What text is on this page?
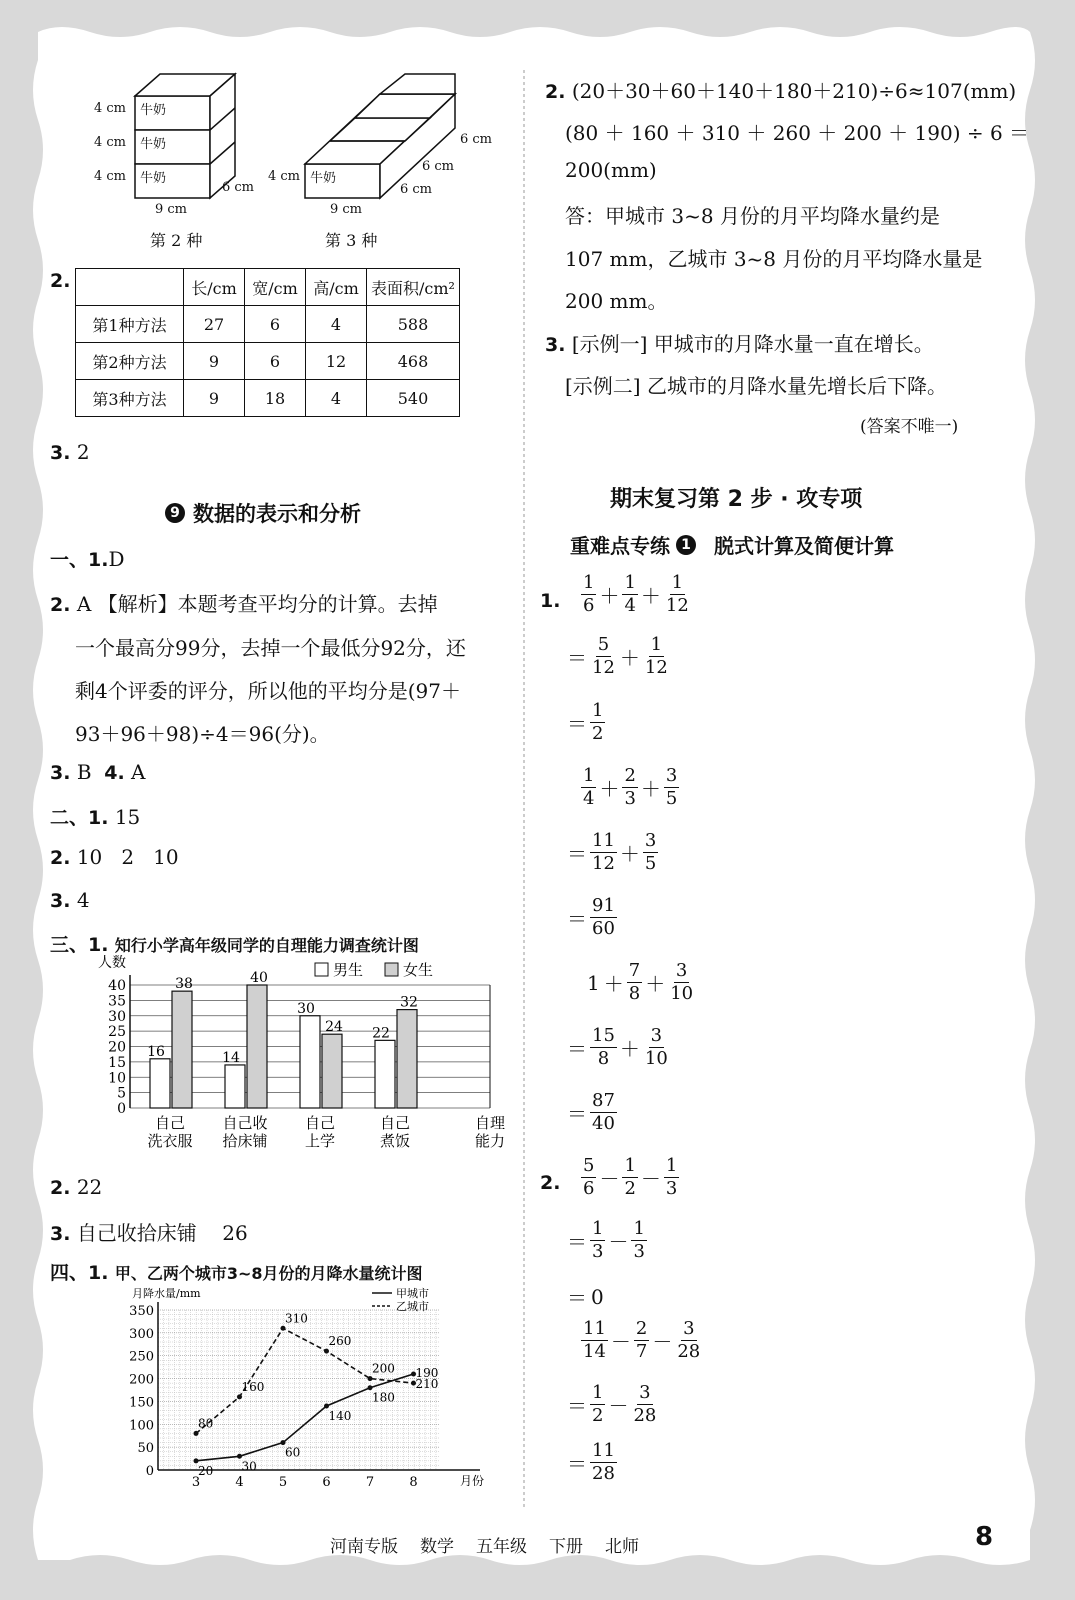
牛奶
牛奶
牛奶
4 cm
4 cm
4 cm
6 cm
9 cm
第 2 种
牛奶
4 cm
6 cm
6 cm
6 cm
9 cm
第 3 种
2.
		长/cm	宽/cm	高/cm	表面积/cm²
第1种方法	27	6	4	588
第2种方法	9	6	12	468
第3种方法	9	18	4	540
3. 2
9 数据的表示和分析
一、1.D
2. A 【解析】本题考查平均分的计算。去掉
一个最高分99分，去掉一个最低分92分，还
剩4个评委的评分，所以他的平均分是(97＋
93＋96＋98)÷4＝96(分)。
3. B 4. A
二、1. 15
2. 10   2   10
3. 4
三、1. 知行小学高年级同学的自理能力调查统计图
人数
0
5
10
15
20
25
30
35
40
16
38
自己
洗衣服
14
40
自己收
拾床铺
30
24
自己
上学
22
32
自己
煮饭
自理
能力
男生	女生
2. 22
3. 自己收拾床铺    26
四、1. 甲、乙两个城市3~8月份的月降水量统计图
月降水量/mm
0
50
100
150
200
250
300
350
3	4	5	6	7	8	月份
20 30
60
140
180
210
甲城市
80
160
310
260
200 190
乙城市
2. (20＋30＋60＋140＋180＋210)÷6≈107(mm)
(80 ＋ 160 ＋ 310 ＋ 260 ＋ 200 ＋ 190) ÷ 6 ＝
200(mm)
答：甲城市 3~8 月份的月平均降水量约是
107 mm，乙城市 3~8 月份的月平均降水量是
200 mm。
3. [示例一] 甲城市的月降水量一直在增长。
[示例二] 乙城市的月降水量先增长后下降。
(答案不唯一)
期末复习第 2 步 · 攻专项
重难点专练 1 脱式计算及简便计算
1.
2.
$\frac{1}{6} + \frac{1}{4} + \frac{1}{12}$
＝ $\frac{5}{12} + \frac{1}{12}$
＝ $\frac{1}{2}$
$\frac{1}{4} + \frac{2}{3} + \frac{3}{5}$
＝ $\frac{11}{12} + \frac{3}{5}$
＝ $\frac{91}{60}$
$1 + \frac{7}{8} + \frac{3}{10}$
＝ $\frac{15}{8} + \frac{3}{10}$
＝ $\frac{87}{40}$
$\frac{5}{6} - \frac{1}{2} - \frac{1}{3}$
＝ $\frac{1}{3} - \frac{1}{3}$
＝ 0
$\frac{11}{14} - \frac{2}{7} - \frac{3}{28}$
＝ $\frac{1}{2} - \frac{3}{28}$
＝ $\frac{11}{28}$
河南专版 数学 五年级 下册 北师	8
